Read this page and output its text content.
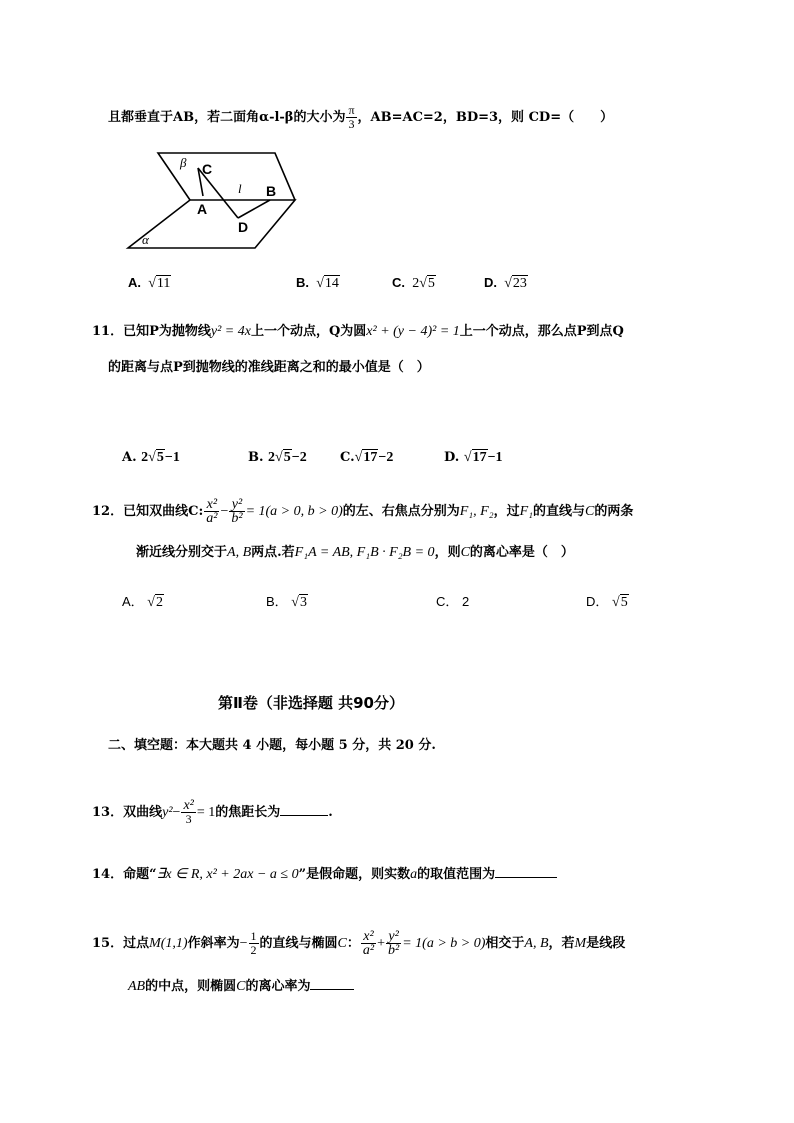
且都垂直于AB，若二面角α-l-β的大小为 $\frac{\pi}{3}$ ，AB=AC=2，BD=3，则 CD=（　　）
β C
l B
A
D
α
A. √11	B. √14	C. 2√5	D. √23
11．已知P为抛物线y² = 4x上一个动点，Q为圆x² + (y − 4)² = 1上一个动点，那么点P到点Q
的距离与点P到抛物线的准线距离之和的最小值是（　）
A. 2√5−1	B. 2√5−2	C.√17−2	D. √17−1
12．已知双曲线C: $\frac{\text{x²}}{\text{a²}} - \frac{\text{y²}}{\text{b²}} = 1(a > 0$, b > 0)的左、右焦点分别为F₁, F₂，过F₁的直线与C的两条
渐近线分别交于A, B两点.若F₁A = AB, F₁B · F₂B = 0，则C的离心率是（　）
A． √2	B． √3	C． 2	D． √5
第Ⅱ卷（非选择题 共90分）
二、填空题：本大题共 4 小题，每小题 5 分，共 20 分.
13．双曲线$y^2- \frac{\text{x²}}{3} = 1$的焦距长为	.
14．命题“∃x ∈ R, x² + 2ax − a ≤ 0”是假命题，则实数a的取值范围为
15．过点M(1,1)作斜率为− $\frac{1}{2}$ 的直线与椭圆C： $\frac{\text{x²}}{\text{a²}} + \frac{\text{y²}}{\text{b²}} = 1(a > b > 0)$相交于A, B，若M是线段
AB的中点，则椭圆C的离心率为
